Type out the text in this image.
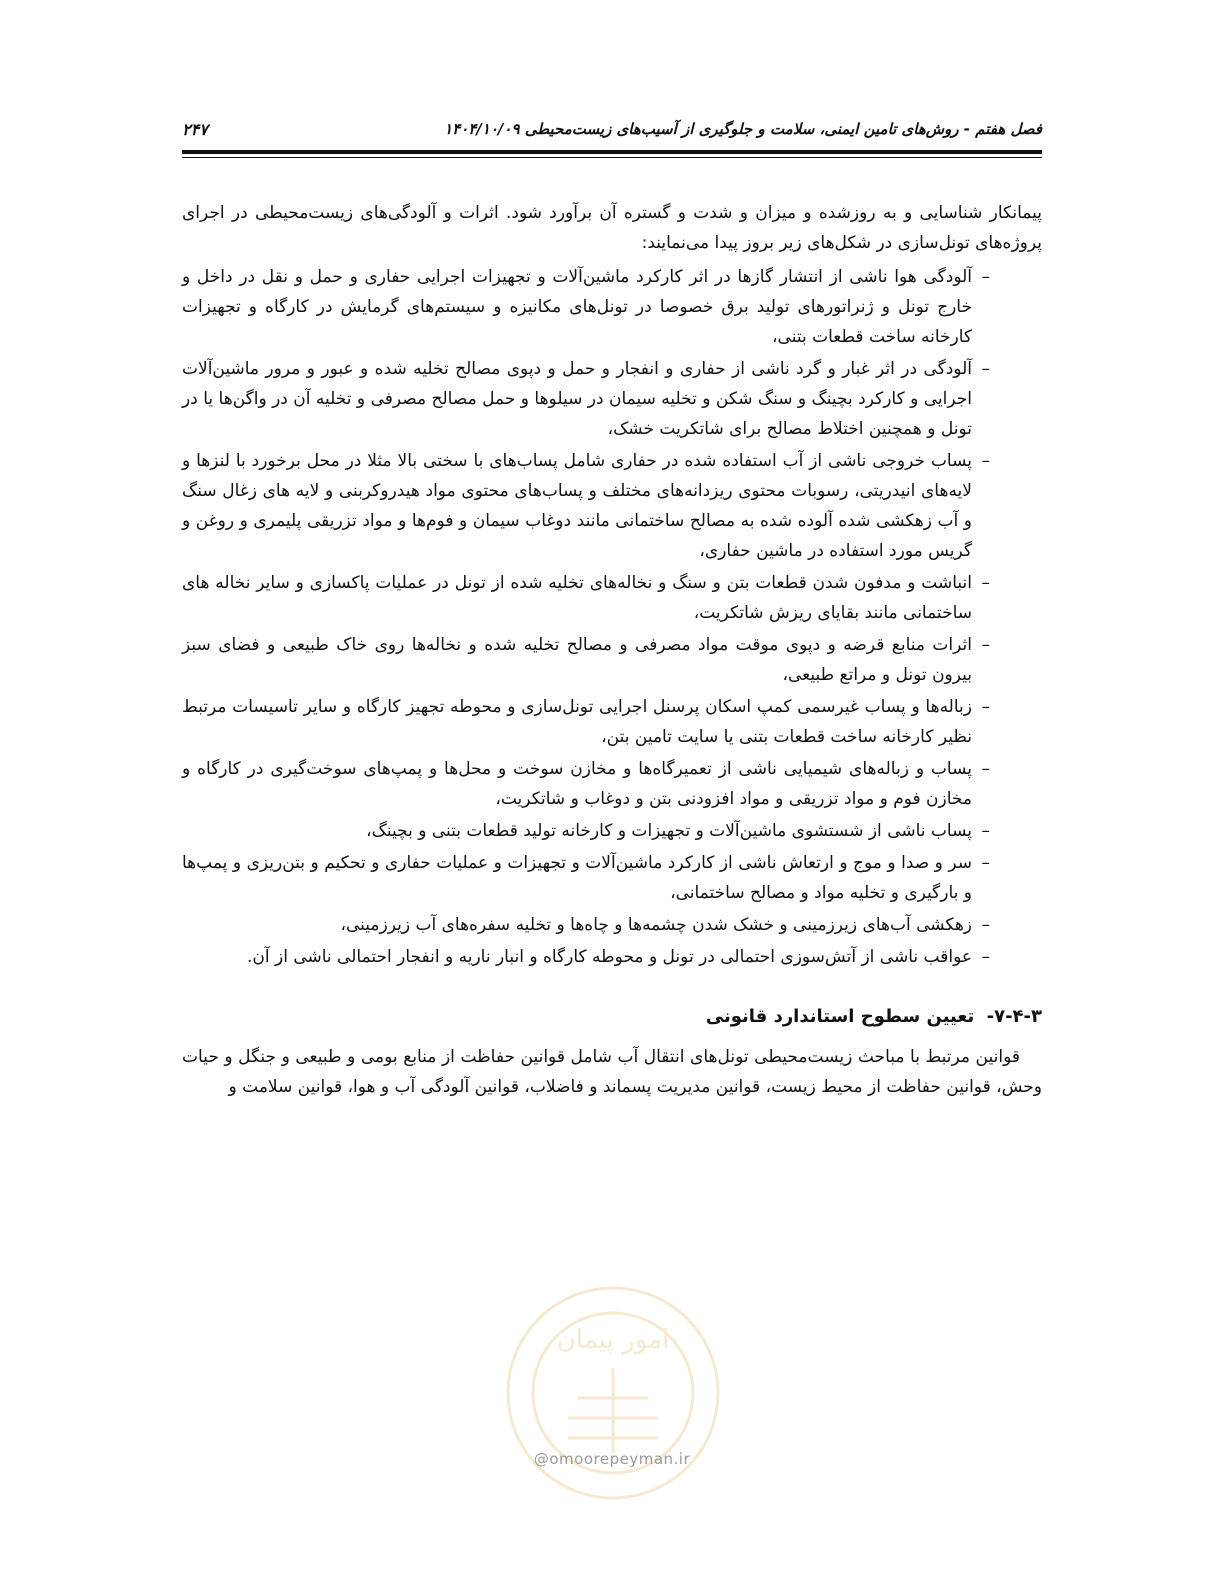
فصل هفتم - روش‌های تامین ایمنی، سلامت و جلوگیری از آسیب‌های زیست‌محیطی ۱۴۰۴/۱۰/۰۹
۲۴۷

پیمانکار شناسایی و به روزشده و میزان و شدت و گستره آن برآورد شود. اثرات و آلودگی‌های زیست‌محیطی در اجرای پروژه‌های تونل‌سازی در شکل‌های زیر بروز پیدا می‌نمایند:

–
آلودگی هوا ناشی از انتشار گازها در اثر کارکرد ماشین‌آلات و تجهیزات اجرایی حفاری و حمل و نقل در داخل و خارج تونل و ژنراتورهای تولید برق خصوصا در تونل‌های مکانیزه و سیستم‌های گرمایش در کارگاه و تجهیزات کارخانه ساخت قطعات بتنی،
–
آلودگی در اثر غبار و گرد ناشی از حفاری و انفجار و حمل و دپوی مصالح تخلیه شده و عبور و مرور ماشین‌آلات اجرایی و کارکرد بچینگ و سنگ شکن و تخلیه سیمان در سیلوها و حمل مصالح مصرفی و تخلیه آن در واگن‌ها یا در تونل و همچنین اختلاط مصالح برای شاتکریت خشک،
–
پساب خروجی ناشی از آب استفاده شده در حفاری شامل پساب‌های با سختی بالا مثلا در محل برخورد با لنزها و لایه‌های انیدریتی، رسوبات محتوی ریزدانه‌های مختلف و پساب‌های محتوی مواد هیدروکربنی و لایه های زغال سنگ و آب زهکشی شده آلوده شده به مصالح ساختمانی مانند دوغاب سیمان و فوم‌ها و مواد تزریقی پلیمری و روغن و گریس مورد استفاده در ماشین حفاری،
–
انباشت و مدفون شدن قطعات بتن و سنگ و نخاله‌های تخلیه شده از تونل در عملیات پاکسازی و سایر نخاله های ساختمانی مانند بقایای ریزش شاتکریت،
–
اثرات منابع قرضه و دپوی موقت مواد مصرفی و مصالح تخلیه شده و نخاله‌ها روی خاک طبیعی و فضای سبز بیرون تونل و مراتع طبیعی،
–
زباله‌ها و پساب غیرسمی کمپ اسکان پرسنل اجرایی تونل‌سازی و محوطه تجهیز کارگاه و سایر تاسیسات مرتبط نظیر کارخانه ساخت قطعات بتنی یا سایت تامین بتن،
–
پساب و زباله‌های شیمیایی ناشی از تعمیرگاه‌ها و مخازن سوخت و محل‌ها و پمپ‌های سوخت‌گیری در کارگاه و مخازن فوم و مواد تزریقی و مواد افزودنی بتن و دوغاب و شاتکریت،
–
پساب ناشی از شستشوی ماشین‌آلات و تجهیزات و کارخانه تولید قطعات بتنی و بچینگ،
–
سر و صدا و موج و ارتعاش ناشی از کارکرد ماشین‌آلات و تجهیزات و عملیات حفاری و تحکیم و بتن‌ریزی و پمپ‌ها و بارگیری و تخلیه مواد و مصالح ساختمانی،
–
زهکشی آب‌های زیرزمینی و خشک شدن چشمه‌ها و چاه‌ها و تخلیه سفره‌های آب زیرزمینی،
–
عواقب ناشی از آتش‌سوزی احتمالی در تونل و محوطه کارگاه و انبار ناریه و انفجار احتمالی ناشی از آن.
۷-۴-۳- تعیین سطوح استاندارد قانونی

قوانین مرتبط با مباحث زیست‌محیطی تونل‌های انتقال آب شامل قوانین حفاظت از منابع بومی و طبیعی و جنگل و حیات وحش، قوانین حفاظت از محیط زیست، قوانین مدیریت پسماند و فاضلاب، قوانین آلودگی آب و هوا، قوانین سلامت و

امور پیمان
@omoorepeyman.ir
